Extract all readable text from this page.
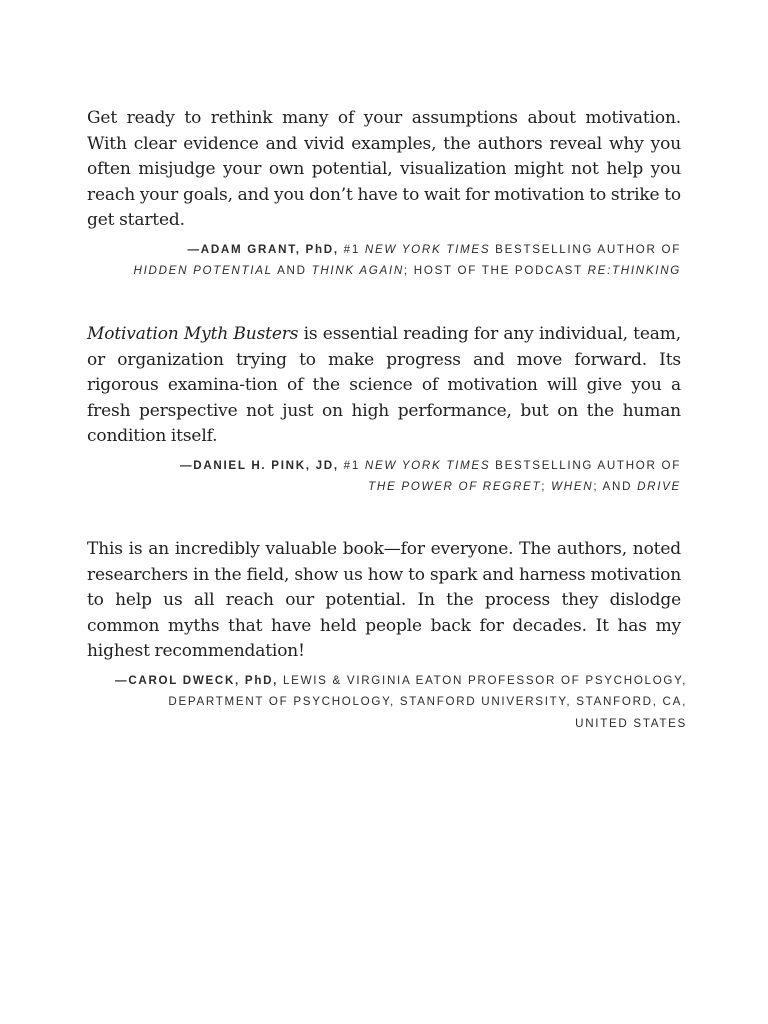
Get ready to rethink many of your assumptions about motivation. With clear evidence and vivid examples, the authors reveal why you often misjudge your own potential, visualization might not help you reach your goals, and you don’t have to wait for motivation to strike to get started.

—ADAM GRANT, PhD, #1 NEW YORK TIMES BESTSELLING AUTHOR OF
HIDDEN POTENTIAL AND THINK AGAIN; HOST OF THE PODCAST RE:THINKING

Motivation Myth Busters is essential reading for any individual, team, or organization trying to make progress and move forward. Its rigorous examina-tion of the science of motivation will give you a fresh perspective not just on high performance, but on the human condition itself.

—DANIEL H. PINK, JD, #1 NEW YORK TIMES BESTSELLING AUTHOR OF
THE POWER OF REGRET; WHEN; AND DRIVE

This is an incredibly valuable book—for everyone. The authors, noted researchers in the field, show us how to spark and harness motivation to help us all reach our potential. In the process they dislodge common myths that have held people back for decades. It has my highest recommendation!

—CAROL DWECK, PhD, LEWIS & VIRGINIA EATON PROFESSOR OF PSYCHOLOGY,
DEPARTMENT OF PSYCHOLOGY, STANFORD UNIVERSITY, STANFORD, CA,
UNITED STATES
